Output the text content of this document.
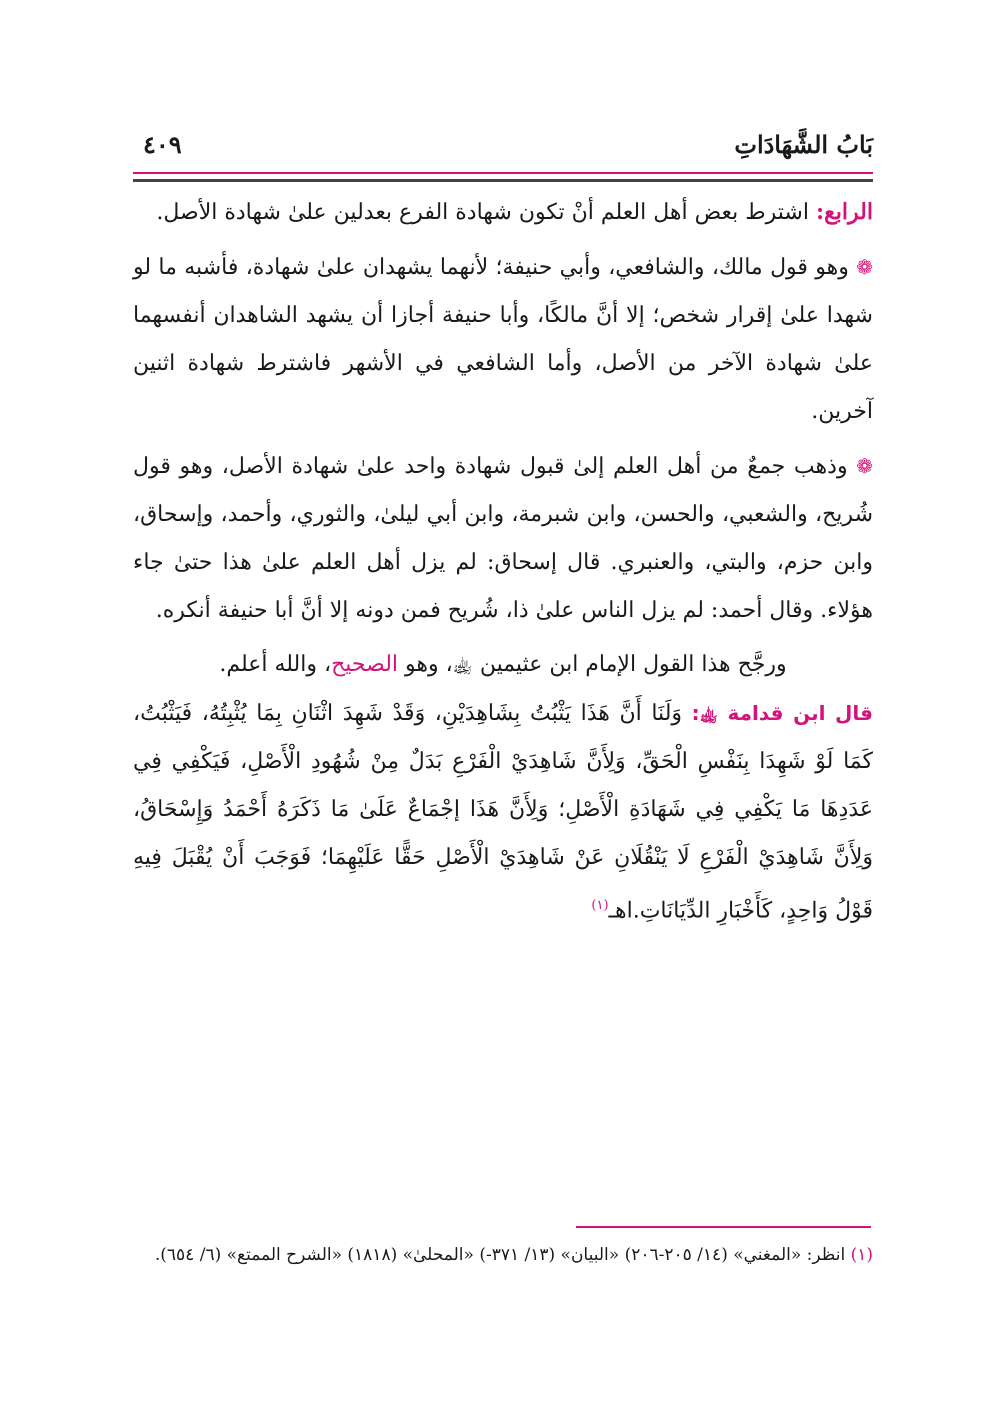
بَابُ الشَّهَادَاتِ
٤٠٩

الرابع: اشترط بعض أهل العلم أنْ تكون شهادة الفرع بعدلين علىٰ شهادة الأصل.

❁ وهو قول مالك، والشافعي، وأبي حنيفة؛ لأنهما يشهدان علىٰ شهادة، فأشبه ما لو شهدا علىٰ إقرار شخص؛ إلا أنَّ مالكًا، وأبا حنيفة أجازا أن يشهد الشاهدان أنفسهما علىٰ شهادة الآخر من الأصل، وأما الشافعي في الأشهر فاشترط شهادة اثنين آخرين.

❁ وذهب جمعٌ من أهل العلم إلىٰ قبول شهادة واحد علىٰ شهادة الأصل، وهو قول شُريح، والشعبي، والحسن، وابن شبرمة، وابن أبي ليلىٰ، والثوري، وأحمد، وإسحاق، وابن حزم، والبتي، والعنبري. قال إسحاق: لم يزل أهل العلم علىٰ هذا حتىٰ جاء هؤلاء. وقال أحمد: لم يزل الناس علىٰ ذا، شُريح فمن دونه إلا أنَّ أبا حنيفة أنكره.

ورجَّح هذا القول الإمام ابن عثيمين ﵀، وهو الصحيح، والله أعلم.

قال ابن قدامة ﵀: وَلَنَا أَنَّ هَذَا يَثْبُتُ بِشَاهِدَيْنِ، وَقَدْ شَهِدَ اثْنَانِ بِمَا يُثْبِتُهُ، فَيَثْبُتُ، كَمَا لَوْ شَهِدَا بِنَفْسِ الْحَقِّ، وَلِأَنَّ شَاهِدَيْ الْفَرْعِ بَدَلٌ مِنْ شُهُودِ الْأَصْلِ، فَيَكْفِي فِي عَدَدِهَا مَا يَكْفِي فِي شَهَادَةِ الْأَصْلِ؛ وَلِأَنَّ هَذَا إجْمَاعٌ عَلَىٰ مَا ذَكَرَهُ أَحْمَدُ وَإِسْحَاقُ، وَلِأَنَّ شَاهِدَيْ الْفَرْعِ لَا يَنْقُلَانِ عَنْ شَاهِدَيْ الْأَصْلِ حَقًّا عَلَيْهِمَا؛ فَوَجَبَ أَنْ يُقْبَلَ فِيهِ قَوْلُ وَاحِدٍ، كَأَخْبَارِ الدِّيَانَاتِ.اهـ$^{(١)}$

(١) انظر: «المغني» (١٤/ ٢٠٥-٢٠٦) «البيان» (١٣/ ٣٧١-) «المحلىٰ» (١٨١٨) «الشرح الممتع» (٦/ ٦٥٤).
